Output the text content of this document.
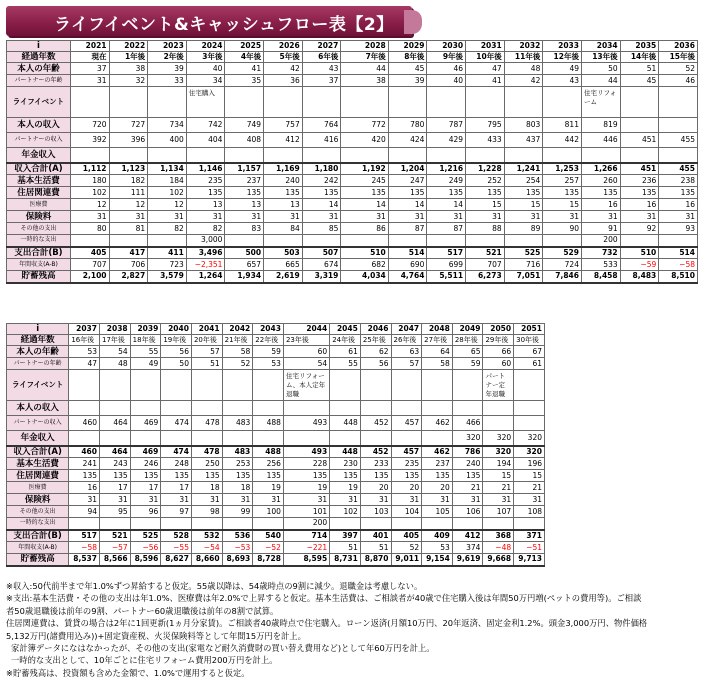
ライフイベント&キャッシュフロー表【2】
i	2021	2022	2023	2024	2025	2026	2027	2028	2029	2030	2031	2032	2033	2034	2035	2036
経過年数	現在	1年後	2年後	3年後	4年後	5年後	6年後	7年後	8年後	9年後	10年後	11年後	12年後	13年後	14年後	15年後
本人の年齢	37	38	39	40	41	42	43	44	45	46	47	48	49	50	51	52
パートナーの年齢	31	32	33	34	35	36	37	38	39	40	41	42	43	44	45	46
ライフイベント				住宅購入										住宅リフォーム		
本人の収入	720	727	734	742	749	757	764	772	780	787	795	803	811	819		
パートナーの収入	392	396	400	404	408	412	416	420	424	429	433	437	442	446	451	455
年金収入																
収入合計(A)	1,112	1,123	1,134	1,146	1,157	1,169	1,180	1,192	1,204	1,216	1,228	1,241	1,253	1,266	451	455
基本生活費	180	182	184	235	237	240	242	245	247	249	252	254	257	260	236	238
住居関連費	102	111	102	135	135	135	135	135	135	135	135	135	135	135	135	135
医療費	12	12	12	13	13	13	14	14	14	14	15	15	15	16	16	16
保険料	31	31	31	31	31	31	31	31	31	31	31	31	31	31	31	31
その他の支出	80	81	82	82	83	84	85	86	87	87	88	89	90	91	92	93
一時的な支出				3,000										200		
支出合計(B)	405	417	411	3,496	500	503	507	510	514	517	521	525	529	732	510	514
年間収支(A-B)	707	706	723	−2,351	657	665	674	682	690	699	707	716	724	533	−59	−58
貯蓄残高	2,100	2,827	3,579	1,264	1,934	2,619	3,319	4,034	4,764	5,511	6,273	7,051	7,846	8,458	8,483	8,510
i	2037	2038	2039	2040	2041	2042	2043	2044	2045	2046	2047	2048	2049	2050	2051
経過年数	16年後	17年後	18年後	19年後	20年後	21年後	22年後	23年後	24年後	25年後	26年後	27年後	28年後	29年後	30年後
本人の年齢	53	54	55	56	57	58	59	60	61	62	63	64	65	66	67
パートナーの年齢	47	48	49	50	51	52	53	54	55	56	57	58	59	60	61
ライフイベント								住宅リフォーム、本人定年退職						パートナー定年退職	
本人の収入															
パートナーの収入	460	464	469	474	478	483	488	493	448	452	457	462	466		
年金収入													320	320	320
収入合計(A)	460	464	469	474	478	483	488	493	448	452	457	462	786	320	320
基本生活費	241	243	246	248	250	253	256	228	230	233	235	237	240	194	196
住居関連費	135	135	135	135	135	135	135	135	135	135	135	135	135	15	15
医療費	16	17	17	17	18	18	19	19	19	20	20	20	21	21	21
保険料	31	31	31	31	31	31	31	31	31	31	31	31	31	31	31
その他の支出	94	95	96	97	98	99	100	101	102	103	104	105	106	107	108
一時的な支出								200							
支出合計(B)	517	521	525	528	532	536	540	714	397	401	405	409	412	368	371
年間収支(A-B)	−58	−57	−56	−55	−54	−53	−52	−221	51	51	52	53	374	−48	−51
貯蓄残高	8,537	8,566	8,596	8,627	8,660	8,693	8,728	8,595	8,731	8,870	9,011	9,154	9,619	9,668	9,713
※収入:50代前半まで年1.0%ずつ昇給すると仮定。55歳以降は、54歳時点の9割に減少。退職金は考慮しない。
※支出:基本生活費・その他の支出は年1.0%、医療費は年2.0%で上昇すると仮定。基本生活費は、ご相談者が40歳で住宅購入後は年間50万円増(ペットの費用等)。ご相談
者50歳退職後は前年の9割、パートナー60歳退職後は前年の8割で試算。
住居関連費は、賃貸の場合は2年に1回更新(1ヵ月分家賃)。ご相談者40歳時点で住宅購入。ローン返済(月額10万円、20年返済、固定金利1.2%。頭金3,000万円、物件価格
5,132万円(諸費用込み))+固定資産税、火災保険料等として年間15万円を計上。
家計簿データになはなかったが、その他の支出(家電など耐久消費財の買い替え費用など)として年60万円を計上。
一時的な支出として、10年ごとに住宅リフォーム費用200万円を計上。
※貯蓄残高は、投資額も含めた金額で、1.0%で運用すると仮定。
